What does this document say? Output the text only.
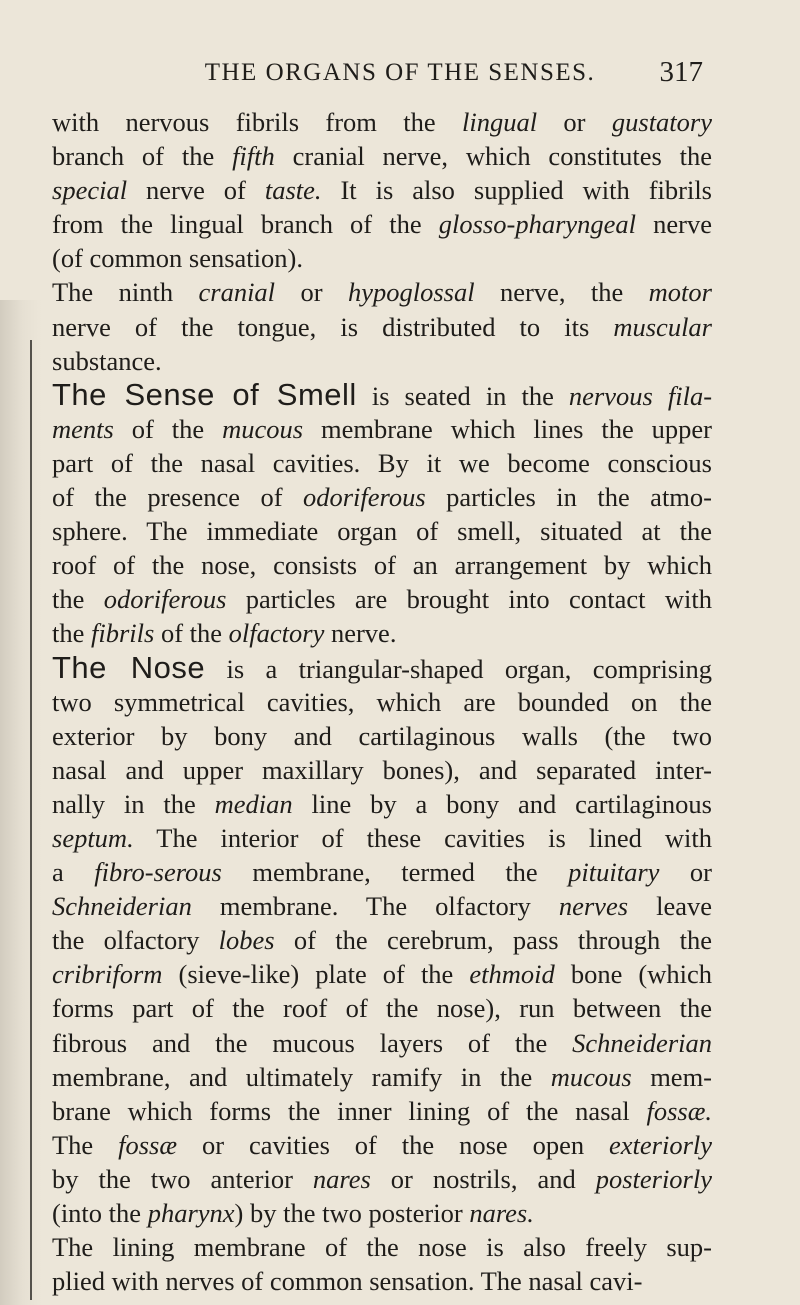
THE ORGANS OF THE SENSES.	317
with nervous fibrils from the lingual or gustatory
branch of the fifth cranial nerve, which constitutes the
special nerve of taste. It is also supplied with fibrils
from the lingual branch of the glosso-pharyngeal nerve
(of common sensation).
The ninth cranial or hypoglossal nerve, the motor
nerve of the tongue, is distributed to its muscular
substance.
The Sense of Smell is seated in the nervous fila-
ments of the mucous membrane which lines the upper
part of the nasal cavities. By it we become conscious
of the presence of odoriferous particles in the atmo-
sphere. The immediate organ of smell, situated at the
roof of the nose, consists of an arrangement by which
the odoriferous particles are brought into contact with
the fibrils of the olfactory nerve.
The Nose is a triangular-shaped organ, comprising
two symmetrical cavities, which are bounded on the
exterior by bony and cartilaginous walls (the two
nasal and upper maxillary bones), and separated inter-
nally in the median line by a bony and cartilaginous
septum. The interior of these cavities is lined with
a fibro-serous membrane, termed the pituitary or
Schneiderian membrane. The olfactory nerves leave
the olfactory lobes of the cerebrum, pass through the
cribriform (sieve-like) plate of the ethmoid bone (which
forms part of the roof of the nose), run between the
fibrous and the mucous layers of the Schneiderian
membrane, and ultimately ramify in the mucous mem-
brane which forms the inner lining of the nasal fossæ.
The fossæ or cavities of the nose open exteriorly
by the two anterior nares or nostrils, and posteriorly
(into the pharynx) by the two posterior nares.
The lining membrane of the nose is also freely sup-
plied with nerves of common sensation. The nasal cavi-
